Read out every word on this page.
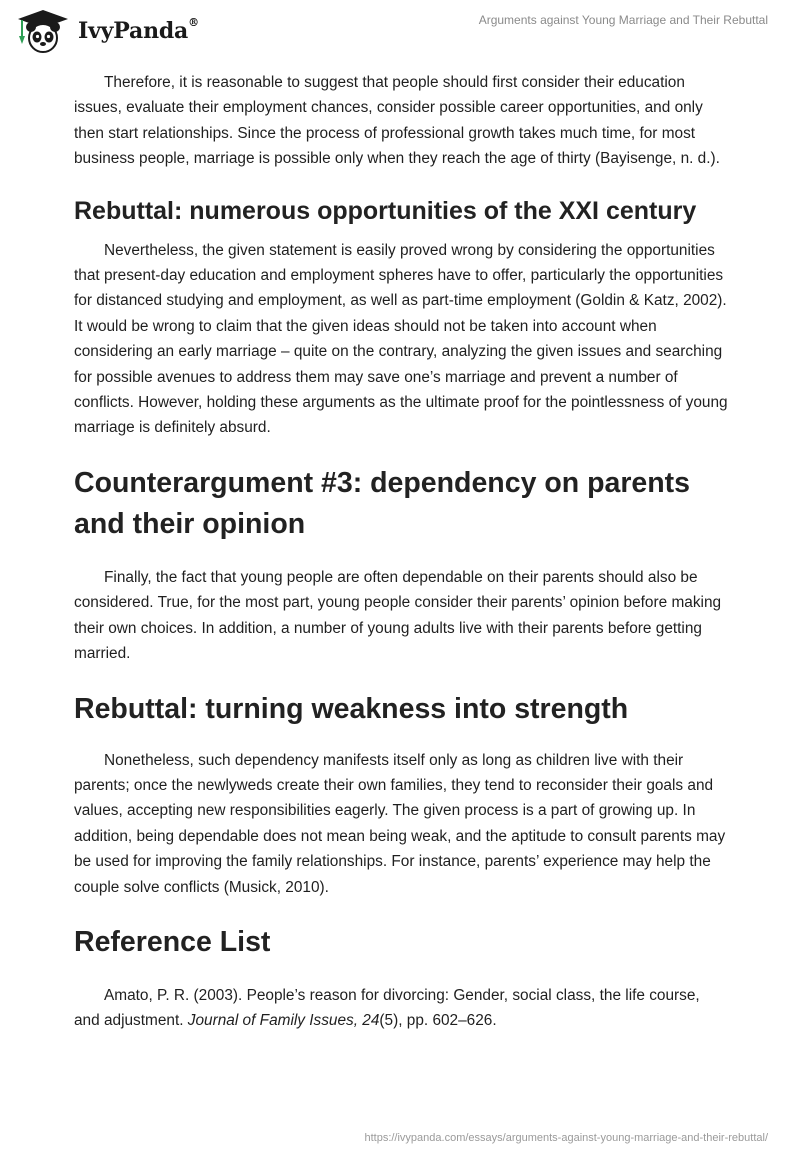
IvyPanda®	Arguments against Young Marriage and Their Rebuttal

Therefore, it is reasonable to suggest that people should first consider their education issues, evaluate their employment chances, consider possible career opportunities, and only then start relationships. Since the process of professional growth takes much time, for most business people, marriage is possible only when they reach the age of thirty (Bayisenge, n. d.).

Rebuttal: numerous opportunities of the XXI century

Nevertheless, the given statement is easily proved wrong by considering the opportunities that present-day education and employment spheres have to offer, particularly the opportunities for distanced studying and employment, as well as part-time employment (Goldin & Katz, 2002). It would be wrong to claim that the given ideas should not be taken into account when considering an early marriage – quite on the contrary, analyzing the given issues and searching for possible avenues to address them may save one’s marriage and prevent a number of conflicts. However, holding these arguments as the ultimate proof for the pointlessness of young marriage is definitely absurd.

Counterargument #3: dependency on parents and their opinion

Finally, the fact that young people are often dependable on their parents should also be considered. True, for the most part, young people consider their parents’ opinion before making their own choices. In addition, a number of young adults live with their parents before getting married.

Rebuttal: turning weakness into strength

Nonetheless, such dependency manifests itself only as long as children live with their parents; once the newlyweds create their own families, they tend to reconsider their goals and values, accepting new responsibilities eagerly. The given process is a part of growing up. In addition, being dependable does not mean being weak, and the aptitude to consult parents may be used for improving the family relationships. For instance, parents’ experience may help the couple solve conflicts (Musick, 2010).

Reference List

Amato, P. R. (2003). People’s reason for divorcing: Gender, social class, the life course, and adjustment. Journal of Family Issues, 24(5), pp. 602–626.

https://ivypanda.com/essays/arguments-against-young-marriage-and-their-rebuttal/
